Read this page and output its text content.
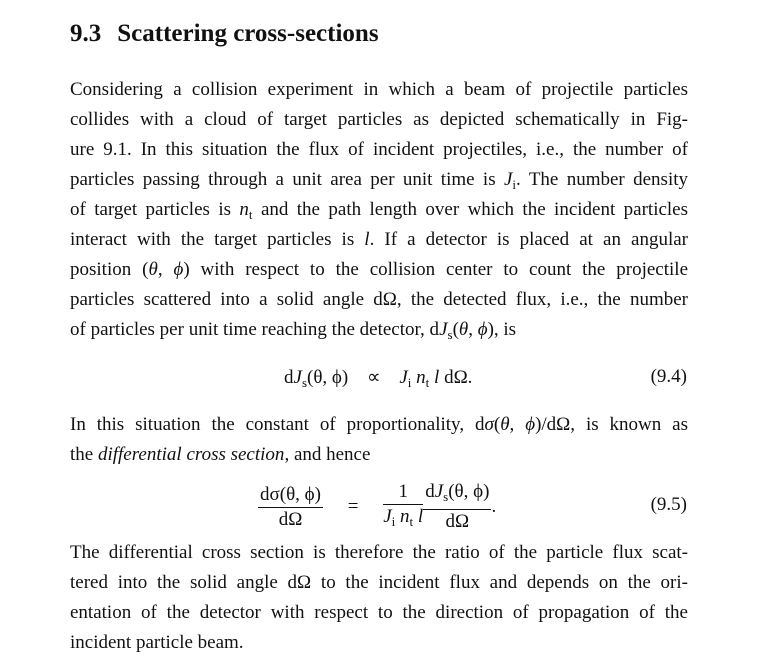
9.3 Scattering cross-sections
Considering a collision experiment in which a beam of projectile particles
collides with a cloud of target particles as depicted schematically in Fig-
ure 9.1. In this situation the flux of incident projectiles, i.e., the number of
particles passing through a unit area per unit time is $J_i$. The number density
of target particles is $n_t$ and the path length over which the incident particles
interact with the target particles is l. If a detector is placed at an angular
position (θ, ϕ) with respect to the collision center to count the projectile
particles scattered into a solid angle dΩ, the detected flux, i.e., the number
of particles per unit time reaching the detector, $dJ_s(\theta$, ϕ), is
$dJ_s(\theta$, $\phi) \propto J_i$ $n_t$ l dΩ.	(9.4)
In this situation the constant of proportionality, dσ(θ, ϕ)/dΩ, is known as
the differential cross section, and hence
$\frac{d\sigma(\theta, \phi)}{d\Omega} = \frac{1}{J_i n_t l} \frac{dJ_s(\theta, \phi)}{d\Omega}$ .	(9.5)
The differential cross section is therefore the ratio of the particle flux scat-
tered into the solid angle dΩ to the incident flux and depends on the ori-
entation of the detector with respect to the direction of propagation of the
incident particle beam.
